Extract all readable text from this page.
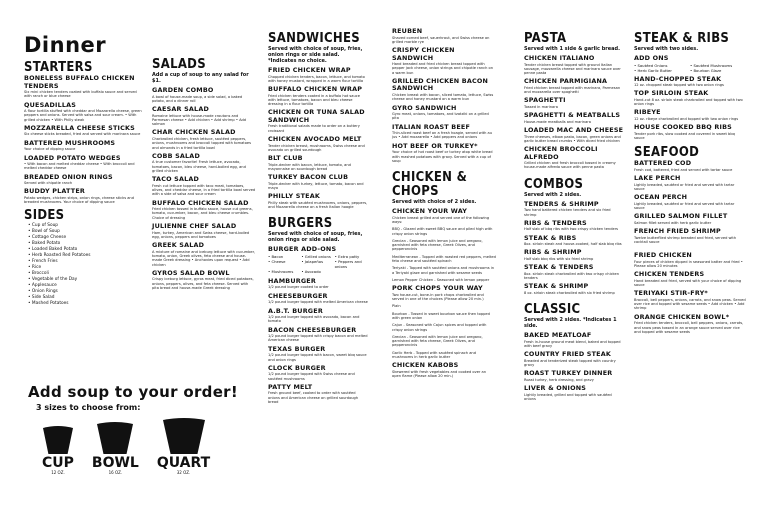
Dinner
STARTERS
BONELESS BUFFALO CHICKEN TENDERS
Six mini chicken tenders coated with buffalo sauce and served with ranch or blue cheese
QUESADILLAS
A flour tortilla stuffed with cheddar and Mozzarella cheese, green peppers and onions. Served with salsa and sour cream. • With grilled chicken • With Philly steak
MOZZARELLA CHEESE STICKS
Six cheese sticks breaded, fried and served with marinara sauce
BATTERED MUSHROOMS
Your choice of dipping sauce
LOADED POTATO WEDGES
• With bacon and melted cheddar cheese • With broccoli and melted cheddar cheese
BREADED ONION RINGS
Served with chipotle ranch
BUDDY PLATTER
Potato wedges, chicken strips, onion rings, cheese sticks and breaded mushrooms. Your choice of dipping sauce
SIDES
• Cup of Soup
• Bowl of Soup
• Cottage Cheese
• Baked Potato
• Loaded Baked Potato
• Herb Roasted Red Potatoes
• French Fries
• Rice
• Broccoli
• Vegetable of the Day
• Applesauce
• Onion Rings
• Side Salad
• Mashed Potatoes
SALADS
Add a cup of soup to any salad for $1.
GARDEN COMBO
A bowl of house-made soup, a side salad, a baked potato, and a dinner roll
CAESAR SALAD
Romaine lettuce with house-made croutons and Parmesan cheese • Add chicken • Add shrimp • Add salmon
CHAR CHICKEN SALAD
Charbroiled chicken, fresh lettuce, sautéed peppers, onions, mushrooms and broccoli topped with tomatoes and almonds in a fried tortilla bowl
COBB SALAD
A true customer favorite! Fresh lettuce, avocado, tomatoes, bacon, bleu cheese, hard-boiled egg, and grilled chicken
TACO SALAD
Fresh cut lettuce topped with taco meat, tomatoes, olives, and cheddar cheese, in a fried tortilla bowl served with a side of salsa and sour cream
BUFFALO CHICKEN SALAD
Fried chicken tossed in buffalo sauce, house cut greens, tomato, cucumber, bacon, and bleu cheese crumbles. Choice of dressing
JULIENNE CHEF SALAD
Ham, turkey, American and Swiss cheese, hard-boiled egg, onions, peppers and tomatoes
GREEK SALAD
A mixture of romaine and iceburg lettuce with cucumber, tomato, onion, Greek olives, feta cheese and house-made Greek dressing • Anchovies upon request • Add chicken
GYROS SALAD BOWL
Crispy iceburg lettuce, gyros meat, fried diced potatoes, onions, peppers, olives, and feta cheese. Served with pita bread and house-made Greek dressing
Add soup to your order!
3 sizes to choose from:
CUP
12 OZ.
BOWL
16 OZ.
QUART
32 OZ.
SANDWICHES
Served with choice of soup, fries, onion rings or side salad. *Indicates no choice.
FRIED CHICKEN WRAP
Chopped chicken tenders, bacon, lettuce, and tomato with honey mustard, wrapped in a warm flour tortilla
BUFFALO CHICKEN WRAP
Fried chicken tenders coated in a buffalo hot sauce with lettuce, tomatoes, bacon and bleu cheese dressing in a flour tortilla
CHICKEN OR TUNA SALAD SANDWICH
Fresh traditional salads made to order on a buttery croissant
CHICKEN AVOCADO MELT
Tender chicken breast, mushrooms, Swiss cheese and avocado on grilled sourdough
BLT CLUB
Triple-decker with bacon, lettuce, tomato, and mayonnaise on sourdough bread
TURKEY BACON CLUB
Triple-decker with turkey, lettuce, tomato, bacon and mayo
PHILLY STEAK
Philly steak with sautéed mushrooms, onions, peppers, and Mozzarella cheese on a fresh Italian hoagie
BURGERS
Served with choice of soup, fries, onion rings or side salad.
BURGER ADD-ONS
• Bacon	• Grilled onions • Extra patty
• Cheese	• Jalapeños	• Peppers and onions
• Mushrooms	• Avocado
HAMBURGER
1/2 pound burger cooked to order
CHEESEBURGER
1/2 pound burger topped with melted American cheese
A.B.T. BURGER
1/2 pound burger topped with avocado, bacon and tomato
BACON CHEESEBURGER
1/2 pound burger topped with crispy bacon and melted American cheese
TEXAS BURGER
1/2 pound burger topped with bacon, sweet bbq sauce and onion rings
CLOCK BURGER
1/2 pound burger topped with Swiss cheese and sautéed mushrooms
PATTY MELT
Fresh ground beef, cooked to order with sautéed onions and American cheese on grilled sourdough bread
REUBEN
Shaved corned beef, sauerkraut, and Swiss cheese on grilled marble rye
CRISPY CHICKEN SANDWICH
Hand breaded and fried chicken breast topped with pepper jack cheese, onion strings and chipotle ranch on a warm bun
GRILLED CHICKEN BACON SANDWICH
Chicken breast with bacon, sliced tomato, lettuce, Swiss cheese and honey mustard on a warm bun
GYRO SANDWICH
Gyro meat, onions, tomatoes, and tzatziki on a grilled pita
ITALIAN ROAST BEEF
Thin-sliced roast beef on a fresh hoagie, served with au jus • Add mozzarella • Add peppers and onions
HOT BEEF OR TURKEY*
Your choice of hot roast beef or turkey atop white bread with mashed potatoes with gravy. Served with a cup of soup
CHICKEN & CHOPS
Served with choice of 2 sides.
CHICKEN YOUR WAY
Chicken breast grilled and served one of the following ways:
BBQ - Glazed with sweet BBQ sauce and piled high with crispy onion strings
Grecian - Seasoned with lemon juice and oregano, garnished with feta cheese, Greek Olives, and pepperoncinis
Mediterranean - Topped with roasted red peppers, melted feta cheese and sautéed spinach
Teriyaki - Topped with sautéed onions and mushrooms in a Teriyaki glaze and garnished with sesame seeds
Lemon Pepper Chicken - Seasoned with lemon pepper
PORK CHOPS YOUR WAY
Two house-cut, bone-in pork chops charbroiled and served in one of the choices (Please allow 20 min.)
Plain
Bourbon - Tossed in sweet bourbon sauce then topped with green onion
Cajun - Seasoned with Cajun spices and topped with crispy onion strings
Grecian - Seasoned with lemon juice and oregano, garnished with feta cheese, Greek Olives, and pepperoncinis
Garlic Herb - Topped with sautéed spinach and mushrooms in herb garlic butter
CHICKEN KABOBS
Skewered with fresh vegetables and cooked over an open flame (Please allow 20 min.)
PASTA
Served with 1 side & garlic bread.
CHICKEN ITALIANO
Tender chicken breast topped with ground Italian sausage, mozzarella cheese and marinara sauce over penne pasta
CHICKEN PARMIGIANA
Fried chicken breast topped with marinara, Parmesan and mozzarella over spaghetti
SPAGHETTI
Tossed in marinara
SPAGHETTI & MEATBALLS
House-made meatballs and marinara
LOADED MAC AND CHEESE
Three cheeses, elbow pasta, bacon, green onions and garlic butter bread crumbs • With diced fried chicken
CHICKEN BROCCOLI ALFREDO
Grilled chicken and fresh broccoli tossed in creamy house-made alfredo sauce with penne pasta
COMBOS
Served with 2 sides.
TENDERS & SHRIMP
Two hand battered chicken tenders and six fried shrimp
RIBS & TENDERS
Half slab of bbq ribs with two crispy chicken tenders
STEAK & RIBS
8oz. sirloin steak and house-cooked, half slab bbq ribs
RIBS & SHRIMP
Half slab bbq ribs with six fried shrimp
STEAK & TENDERS
8oz. sirloin steak charbroiled with two crispy chicken tenders
STEAK & SHRIMP
8 oz. sirloin steak charbroiled with six fried shrimp
CLASSIC
Served with 2 sides. *Indicates 1 side.
BAKED MEATLOAF
Fresh in-house ground meat blend, baked and topped with beef gravy
COUNTRY FRIED STEAK
Breaded and tenderized steak topped with country gravy
ROAST TURKEY DINNER
Roast turkey, herb dressing, and gravy
LIVER & ONIONS
Lightly breaded, grilled and topped with sautéed onions
STEAK & RIBS
Served with two sides.
ADD ONS
• Sautéed Onions	• Sautéed Mushrooms
• Herb Garlic Butter	• Bourbon Glaze
HAND-CHOPPED STEAK
12 oz. chopped steak topped with two onion rings
TOP SIRLOIN STEAK
Hand-cut 8 oz. sirloin steak charbroiled and topped with two onion rings
RIBEYE
12 oz. ribeye charbroiled and topped with two onion rings
HOUSE COOKED BBQ RIBS
Tender pork ribs, slow cooked and covered in sweet bbq sauce
SEAFOOD
BATTERED COD
Fresh cod, battered, fried and served with tartar sauce
LAKE PERCH
Lightly breaded, sautéed or fried and served with tartar sauce
OCEAN PERCH
Lightly breaded, sautéed or fried and served with tartar sauce
GRILLED SALMON FILLET
Salmon fillet served with herb garlic butter
FRENCH FRIED SHRIMP
Twelve butterflied shrimp breaded and fried, served with cocktail sauce
FRIED CHICKEN
Four pieces of chicken dipped in seasoned batter and fried • Please allow 20 minutes
CHICKEN TENDERS
Hand breaded and fried, served with your choice of dipping sauce
TERIYAKI STIR-FRY*
Broccoli, bell peppers, onions, carrots, and snow peas. Served over rice and topped with sesame seeds • Add chicken • Add shrimp
ORANGE CHICKEN BOWL*
Fried chicken tenders, broccoli, bell peppers, onions, carrots, and snow peas tossed in an orange sauce served over rice and topped with sesame seeds
